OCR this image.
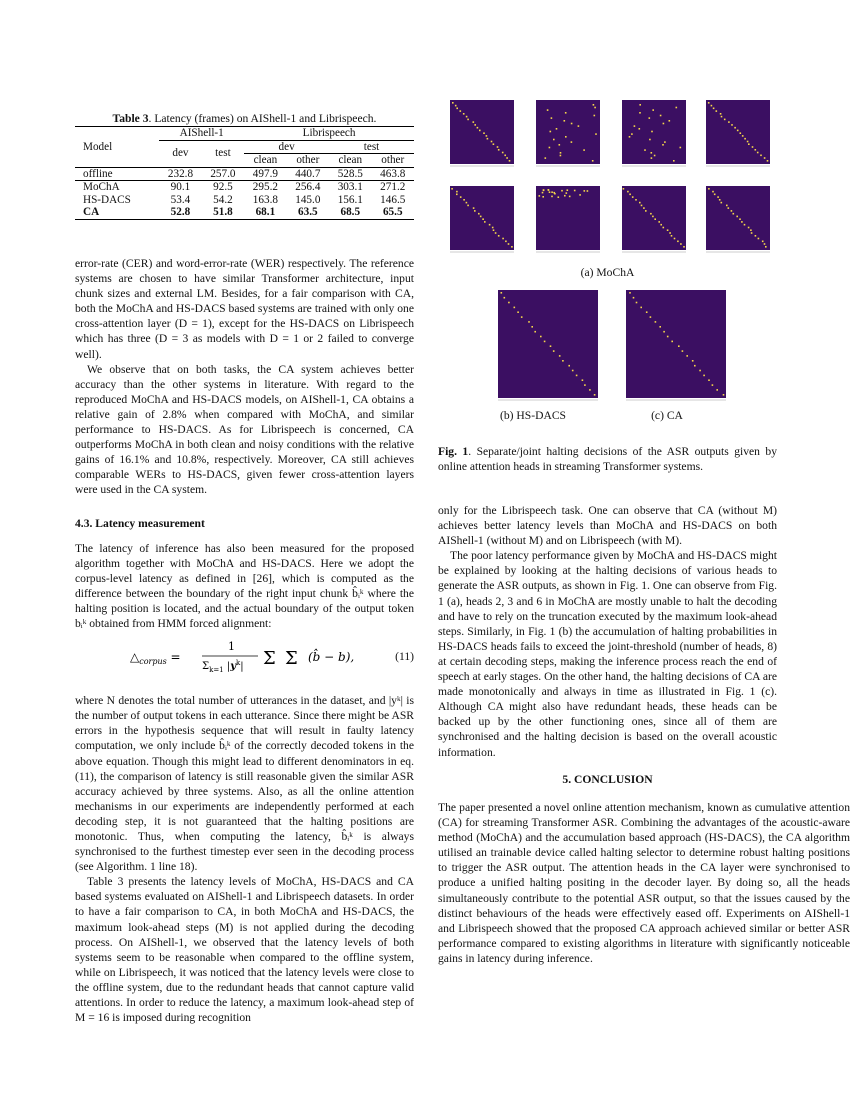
Table 3. Latency (frames) on AIShell-1 and Librispeech.
Model	AIShell-1		Librispeech			
	dev	test	dev		test	
			clean	other	clean	other
offline	232.8	257.0	497.9	440.7	528.5	463.8
MoChA	90.1	92.5	295.2	256.4	303.1	271.2
HS-DACS	53.4	54.2	163.8	145.0	156.1	146.5
CA	52.8	51.8	68.1	63.5	68.5	65.5

error-rate (CER) and word-error-rate (WER) respectively. The reference systems are chosen to have similar Transformer architecture, input chunk sizes and external LM. Besides, for a fair comparison with CA, both the MoChA and HS-DACS based systems are trained with only one cross-attention layer (D = 1), except for the HS-DACS on Librispeech which has three (D = 3 as models with D = 1 or 2 failed to converge well).

We observe that on both tasks, the CA system achieves better accuracy than the other systems in literature. With regard to the reproduced MoChA and HS-DACS models, on AIShell-1, CA obtains a relative gain of 2.8% when compared with MoChA, and similar performance to HS-DACS. As for Librispeech is concerned, CA outperforms MoChA in both clean and noisy conditions with the relative gains of 16.1% and 10.8%, respectively. Moreover, CA still achieves comparable WERs to HS-DACS, given fewer cross-attention layers were used in the CA system.

4.3. Latency measurement

The latency of inference has also been measured for the proposed algorithm together with MoChA and HS-DACS. Here we adopt the corpus-level latency as defined in [26], which is computed as the difference between the boundary of the right input chunk b̂ᵢᵏ where the halting position is located, and the actual boundary of the output token bᵢᵏ obtained from HMM forced alignment:

where N denotes the total number of utterances in the dataset, and |yᵏ| is the number of output tokens in each utterance. Since there might be ASR errors in the hypothesis sequence that will result in faulty latency computation, we only include b̂ᵢᵏ of the correctly decoded tokens in the above equation. Though this might lead to different denominators in eq. (11), the comparison of latency is still reasonable given the similar ASR accuracy achieved by three systems. Also, as all the online attention mechanisms in our experiments are independently performed at each decoding step, it is not guaranteed that the halting positions are monotonic. Thus, when computing the latency, b̂ᵢᵏ is always synchronised to the furthest timestep ever seen in the decoding process (see Algorithm. 1 line 18).

Table 3 presents the latency levels of MoChA, HS-DACS and CA based systems evaluated on AIShell-1 and Librispeech datasets. In order to have a fair comparison to CA, in both MoChA and HS-DACS, the maximum look-ahead steps (M) is not applied during the decoding process. On AIShell-1, we observed that the latency levels of both systems seem to be reasonable when compared to the offline system, while on Librispeech, it was noticed that the latency levels were close to the offline system, due to the redundant heads that cannot capture valid attentions. In order to reduce the latency, a maximum look-ahead step of M = 16 is imposed during recognition

$\triangle_{corpus}$ =
1
$\Sigma_{k=1}$ $|y^k|$ Σ Σ (b̂ − b),	(11)
(a) MoChA
(b) HS-DACS	(c) CA
Fig. 1. Separate/joint halting decisions of the ASR outputs given by online attention heads in streaming Transformer systems.

only for the Librispeech task. One can observe that CA (without M) achieves better latency levels than MoChA and HS-DACS on both AIShell-1 (without M) and on Librispeech (with M).

The poor latency performance given by MoChA and HS-DACS might be explained by looking at the halting decisions of various heads to generate the ASR outputs, as shown in Fig. 1. One can observe from Fig. 1 (a), heads 2, 3 and 6 in MoChA are mostly unable to halt the decoding and have to rely on the truncation executed by the maximum look-ahead steps. Similarly, in Fig. 1 (b) the accumulation of halting probabilities in HS-DACS heads fails to exceed the joint-threshold (number of heads, 8) at certain decoding steps, making the inference process reach the end of speech at early stages. On the other hand, the halting decisions of CA are made monotonically and always in time as illustrated in Fig. 1 (c). Although CA might also have redundant heads, these heads can be backed up by the other functioning ones, since all of them are synchronised and the halting decision is based on the overall acoustic information.

5. CONCLUSION

The paper presented a novel online attention mechanism, known as cumulative attention (CA) for streaming Transformer ASR. Combining the advantages of the acoustic-aware method (MoChA) and the accumulation based approach (HS-DACS), the CA algorithm utilised an trainable device called halting selector to determine robust halting positions to trigger the ASR output. The attention heads in the CA layer were synchronised to produce a unified halting positing in the decoder layer. By doing so, all the heads simultaneously contribute to the potential ASR output, so that the issues caused by the distinct behaviours of the heads were effectively eased off. Experiments on AIShell-1 and Librispeech showed that the proposed CA approach achieved similar or better ASR performance compared to existing algorithms in literature with significantly noticeable gains in latency during inference.
